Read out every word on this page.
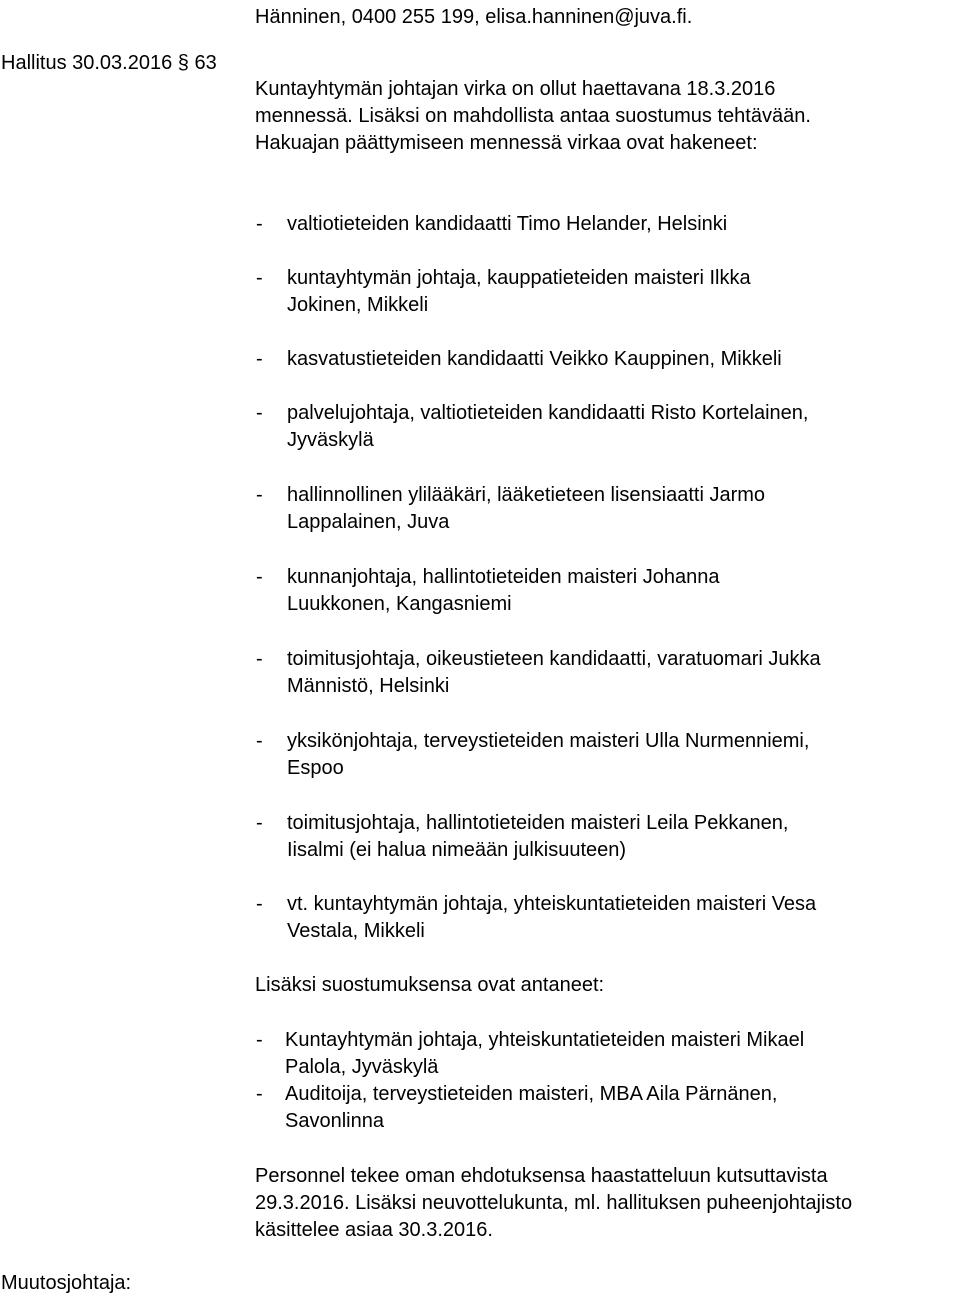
Hänninen, 0400 255 199, elisa.hanninen@juva.fi.
Hallitus 30.03.2016 § 63
Kuntayhtymän johtajan virka on ollut haettavana 18.3.2016
mennessä. Lisäksi on mahdollista antaa suostumus tehtävään.
Hakuajan päättymiseen mennessä virkaa ovat hakeneet:
- valtiotieteiden kandidaatti Timo Helander, Helsinki
- kuntayhtymän johtaja, kauppatieteiden maisteri Ilkka
Jokinen, Mikkeli
- kasvatustieteiden kandidaatti Veikko Kauppinen, Mikkeli
- palvelujohtaja, valtiotieteiden kandidaatti Risto Kortelainen,
Jyväskylä
- hallinnollinen ylilääkäri, lääketieteen lisensiaatti Jarmo
Lappalainen, Juva
- kunnanjohtaja, hallintotieteiden maisteri Johanna
Luukkonen, Kangasniemi
- toimitusjohtaja, oikeustieteen kandidaatti, varatuomari Jukka
Männistö, Helsinki
- yksikönjohtaja, terveystieteiden maisteri Ulla Nurmenniemi,
Espoo
- toimitusjohtaja, hallintotieteiden maisteri Leila Pekkanen,
Iisalmi (ei halua nimeään julkisuuteen)
- vt. kuntayhtymän johtaja, yhteiskuntatieteiden maisteri Vesa
Vestala, Mikkeli
Lisäksi suostumuksensa ovat antaneet:
- Kuntayhtymän johtaja, yhteiskuntatieteiden maisteri Mikael
Palola, Jyväskylä
- Auditoija, terveystieteiden maisteri, MBA Aila Pärnänen,
Savonlinna
Personnel tekee oman ehdotuksensa haastatteluun kutsuttavista
29.3.2016. Lisäksi neuvottelukunta, ml. hallituksen puheenjohtajisto
käsittelee asiaa 30.3.2016.
Muutosjohtaja:
